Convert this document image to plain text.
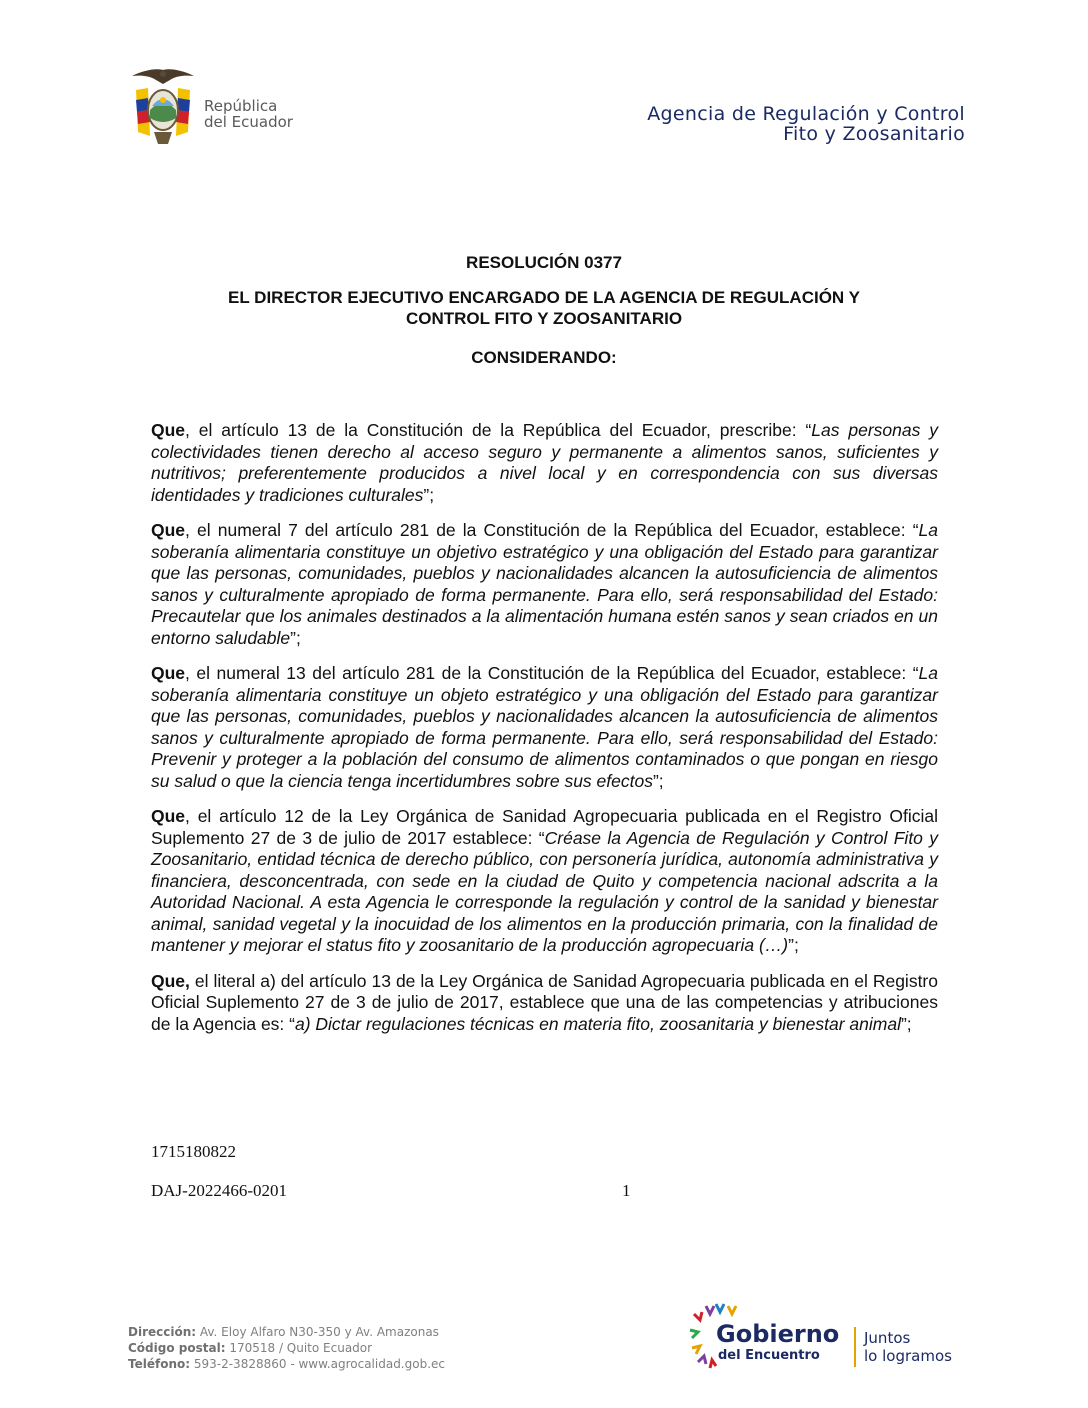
República
del Ecuador	Agencia de Regulación y Control
Fito y Zoosanitario
RESOLUCIÓN 0377
EL DIRECTOR EJECUTIVO ENCARGADO DE LA AGENCIA DE REGULACIÓN Y
CONTROL FITO Y ZOOSANITARIO
CONSIDERANDO:

Que, el artículo 13 de la Constitución de la República del Ecuador, prescribe: “Las personas y colectividades tienen derecho al acceso seguro y permanente a alimentos sanos, suficientes y nutritivos; preferentemente producidos a nivel local y en correspondencia con sus diversas identidades y tradiciones culturales”;

Que, el numeral 7 del artículo 281 de la Constitución de la República del Ecuador, establece: “La soberanía alimentaria constituye un objetivo estratégico y una obligación del Estado para garantizar que las personas, comunidades, pueblos y nacionalidades alcancen la autosuficiencia de alimentos sanos y culturalmente apropiado de forma permanente. Para ello, será responsabilidad del Estado: Precautelar que los animales destinados a la alimentación humana estén sanos y sean criados en un entorno saludable”;

Que, el numeral 13 del artículo 281 de la Constitución de la República del Ecuador, establece: “La soberanía alimentaria constituye un objeto estratégico y una obligación del Estado para garantizar que las personas, comunidades, pueblos y nacionalidades alcancen la autosuficiencia de alimentos sanos y culturalmente apropiado de forma permanente. Para ello, será responsabilidad del Estado: Prevenir y proteger a la población del consumo de alimentos contaminados o que pongan en riesgo su salud o que la ciencia tenga incertidumbres sobre sus efectos”;

Que, el artículo 12 de la Ley Orgánica de Sanidad Agropecuaria publicada en el Registro Oficial Suplemento 27 de 3 de julio de 2017 establece: “Créase la Agencia de Regulación y Control Fito y Zoosanitario, entidad técnica de derecho público, con personería jurídica, autonomía administrativa y financiera, desconcentrada, con sede en la ciudad de Quito y competencia nacional adscrita a la Autoridad Nacional. A esta Agencia le corresponde la regulación y control de la sanidad y bienestar animal, sanidad vegetal y la inocuidad de los alimentos en la producción primaria, con la finalidad de mantener y mejorar el status fito y zoosanitario de la producción agropecuaria (…)”;

Que, el literal a) del artículo 13 de la Ley Orgánica de Sanidad Agropecuaria publicada en el Registro Oficial Suplemento 27 de 3 de julio de 2017, establece que una de las competencias y atribuciones de la Agencia es: “a) Dictar regulaciones técnicas en materia fito, zoosanitaria y bienestar animal”;

1715180822
DAJ-2022466-0201	1
Dirección: Av. Eloy Alfaro N30-350 y Av. Amazonas
Código postal: 170518 / Quito Ecuador
Teléfono: 593-2-3828860 - www.agrocalidad.gob.ec
Gobierno
del Encuentro
Juntos
lo logramos
